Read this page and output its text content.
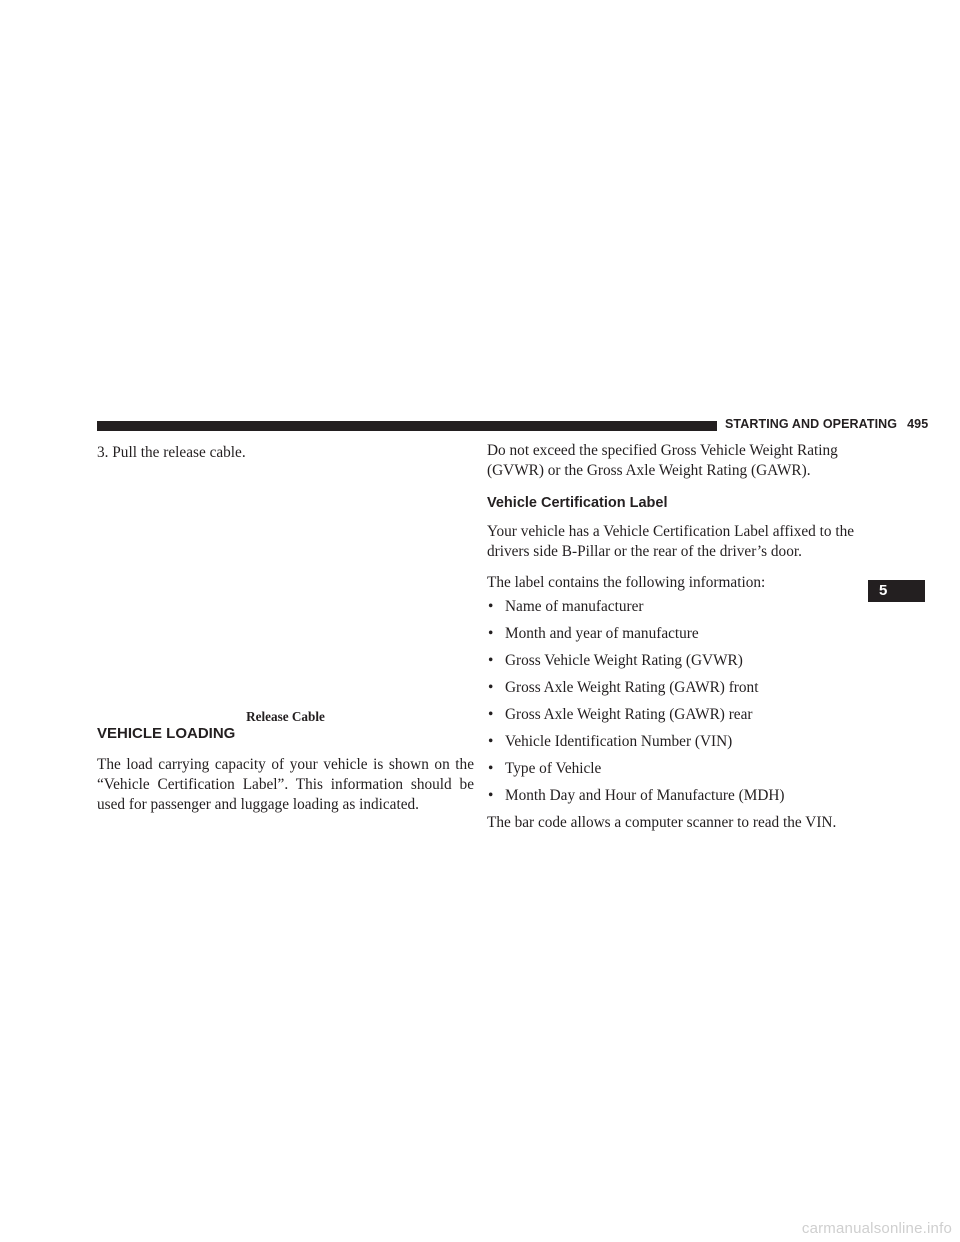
STARTING AND OPERATING 495

3. Pull the release cable.

Release Cable
VEHICLE LOADING

The load carrying capacity of your vehicle is shown on the “Vehicle Certification Label”. This information should be used for passenger and luggage loading as indicated.

Do not exceed the specified Gross Vehicle Weight Rating (GVWR) or the Gross Axle Weight Rating (GAWR).

Vehicle Certification Label

Your vehicle has a Vehicle Certification Label affixed to the drivers side B-Pillar or the rear of the driver’s door.

The label contains the following information:

• Name of manufacturer
• Month and year of manufacture
• Gross Vehicle Weight Rating (GVWR)
• Gross Axle Weight Rating (GAWR) front
• Gross Axle Weight Rating (GAWR) rear
• Vehicle Identification Number (VIN)
• Type of Vehicle
• Month Day and Hour of Manufacture (MDH)

The bar code allows a computer scanner to read the VIN.

5
carmanualsonline.info
